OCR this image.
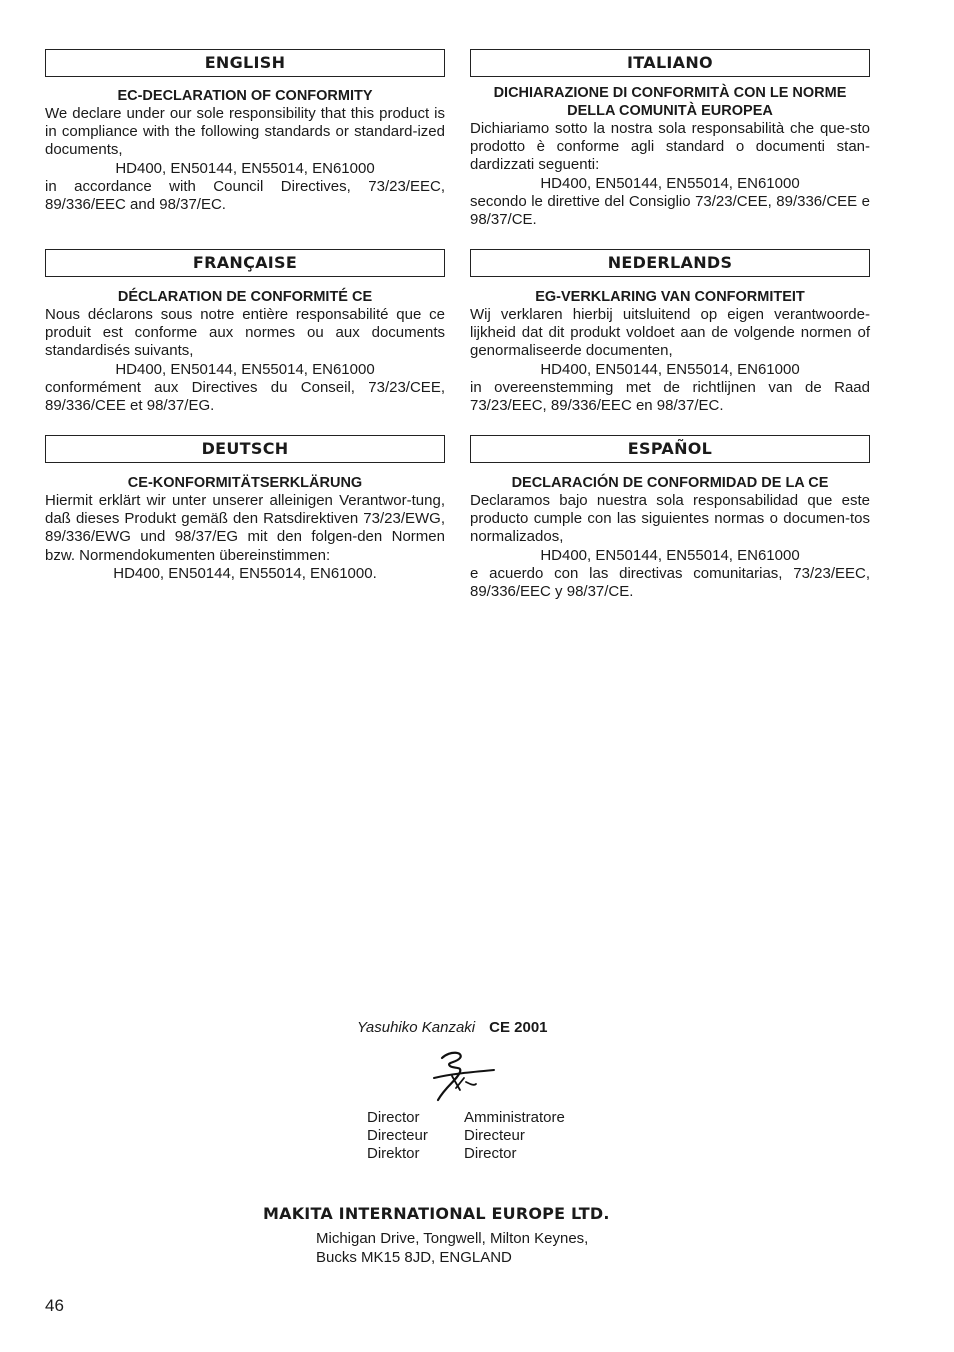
ENGLISH
EC-DECLARATION OF CONFORMITY
We declare under our sole responsibility that this product is in compliance with the following standards or standard-ized documents,
HD400, EN50144, EN55014, EN61000
in accordance with Council Directives, 73/23/EEC, 89/336/EEC and 98/37/EC.
ITALIANO
DICHIARAZIONE DI CONFORMITÀ CON LE NORME DELLA COMUNITÀ EUROPEA
Dichiariamo sotto la nostra sola responsabilità che que-sto prodotto è conforme agli standard o documenti stan-dardizzati seguenti:
HD400, EN50144, EN55014, EN61000
secondo le direttive del Consiglio 73/23/CEE, 89/336/CEE e 98/37/CE.
FRANÇAISE
DÉCLARATION DE CONFORMITÉ CE
Nous déclarons sous notre entière responsabilité que ce produit est conforme aux normes ou aux documents standardisés suivants,
HD400, EN50144, EN55014, EN61000
conformément aux Directives du Conseil, 73/23/CEE, 89/336/CEE et 98/37/EG.
NEDERLANDS
EG-VERKLARING VAN CONFORMITEIT
Wij verklaren hierbij uitsluitend op eigen verantwoorde-lijkheid dat dit produkt voldoet aan de volgende normen of genormaliseerde documenten,
HD400, EN50144, EN55014, EN61000
in overeenstemming met de richtlijnen van de Raad 73/23/EEC, 89/336/EEC en 98/37/EC.
DEUTSCH
CE-KONFORMITÄTSERKLÄRUNG
Hiermit erklärt wir unter unserer alleinigen Verantwor-tung, daß dieses Produkt gemäß den Ratsdirektiven 73/23/EWG, 89/336/EWG und 98/37/EG mit den folgen-den Normen bzw. Normendokumenten übereinstimmen:
HD400, EN50144, EN55014, EN61000.
ESPAÑOL
DECLARACIÓN DE CONFORMIDAD DE LA CE
Declaramos bajo nuestra sola responsabilidad que este producto cumple con las siguientes normas o documen-tos normalizados,
HD400, EN50144, EN55014, EN61000
e acuerdo con las directivas comunitarias, 73/23/EEC, 89/336/EEC y 98/37/CE.
Yasuhiko Kanzaki CE 2001
Director
Directeur
Direktor
Amministratore
Directeur
Director
MAKITA INTERNATIONAL EUROPE LTD.
Michigan Drive, Tongwell, Milton Keynes,
Bucks MK15 8JD, ENGLAND
46
